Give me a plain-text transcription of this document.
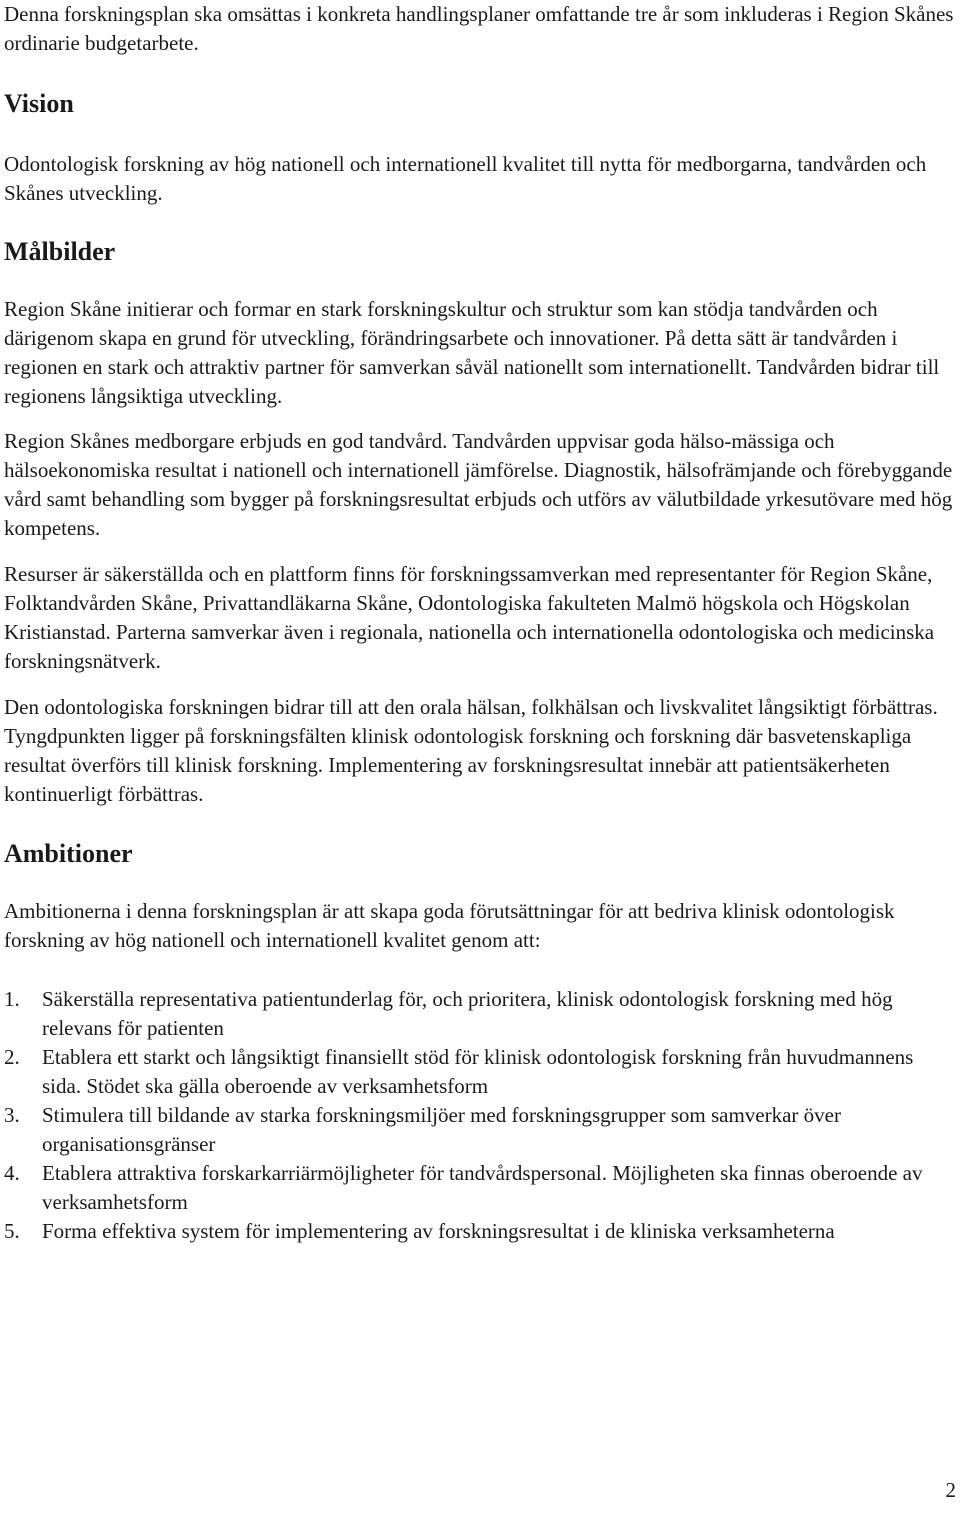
Denna forskningsplan ska omsättas i konkreta handlingsplaner omfattande tre år som inkluderas i Region Skånes ordinarie budgetarbete.

Vision

Odontologisk forskning av hög nationell och internationell kvalitet till nytta för medborgarna, tandvården och Skånes utveckling.

Målbilder

Region Skåne initierar och formar en stark forskningskultur och struktur som kan stödja tandvården och därigenom skapa en grund för utveckling, förändringsarbete och innovationer. På detta sätt är tandvården i regionen en stark och attraktiv partner för samverkan såväl nationellt som internationellt. Tandvården bidrar till regionens långsiktiga utveckling.

Region Skånes medborgare erbjuds en god tandvård. Tandvården uppvisar goda hälso-mässiga och hälsoekonomiska resultat i nationell och internationell jämförelse. Diagnostik, hälsofrämjande och förebyggande vård samt behandling som bygger på forskningsresultat erbjuds och utförs av välutbildade yrkesutövare med hög kompetens.

Resurser är säkerställda och en plattform finns för forskningssamverkan med representanter för Region Skåne, Folktandvården Skåne, Privattandläkarna Skåne, Odontologiska fakulteten Malmö högskola och Högskolan Kristianstad. Parterna samverkar även i regionala, nationella och internationella odontologiska och medicinska forskningsnätverk.

Den odontologiska forskningen bidrar till att den orala hälsan, folkhälsan och livskvalitet långsiktigt förbättras. Tyngdpunkten ligger på forskningsfälten klinisk odontologisk forskning och forskning där basvetenskapliga resultat överförs till klinisk forskning. Implementering av forskningsresultat innebär att patientsäkerheten kontinuerligt förbättras.

Ambitioner

Ambitionerna i denna forskningsplan är att skapa goda förutsättningar för att bedriva klinisk odontologisk forskning av hög nationell och internationell kvalitet genom att:

1. Säkerställa representativa patientunderlag för, och prioritera, klinisk odontologisk forskning med hög relevans för patienten
2. Etablera ett starkt och långsiktigt finansiellt stöd för klinisk odontologisk forskning från huvudmannens sida. Stödet ska gälla oberoende av verksamhetsform
3. Stimulera till bildande av starka forskningsmiljöer med forskningsgrupper som samverkar över organisationsgränser
4. Etablera attraktiva forskarkarriärmöjligheter för tandvårdspersonal. Möjligheten ska finnas oberoende av verksamhetsform
5. Forma effektiva system för implementering av forskningsresultat i de kliniska verksamheterna
2
